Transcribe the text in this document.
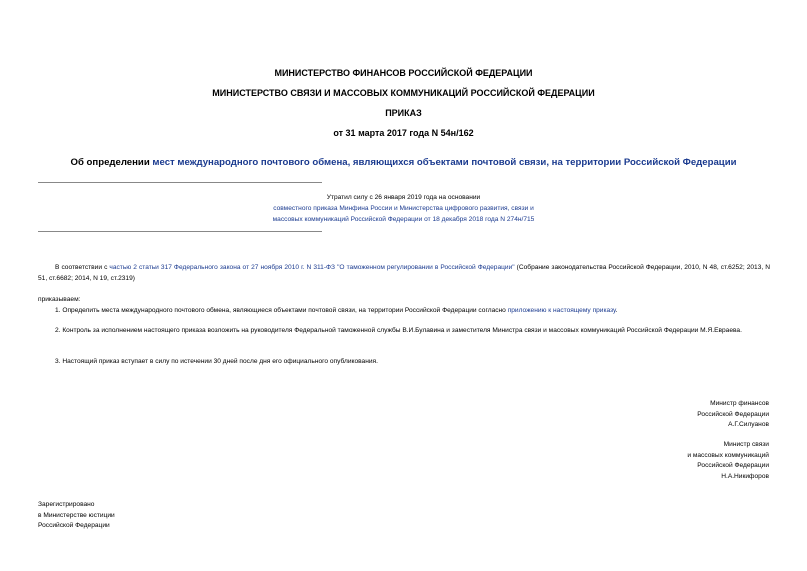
МИНИСТЕРСТВО ФИНАНСОВ РОССИЙСКОЙ ФЕДЕРАЦИИ
МИНИСТЕРСТВО СВЯЗИ И МАССОВЫХ КОММУНИКАЦИЙ РОССИЙСКОЙ ФЕДЕРАЦИИ
ПРИКАЗ
от 31 марта 2017 года N 54н/162
Об определении мест международного почтового обмена, являющихся объектами почтовой связи, на территории Российской Федерации
Утратил силу с 26 января 2019 года на основании
совместного приказа Минфина России и Министерства цифрового развития, связи и
массовых коммуникаций Российской Федерации от 18 декабря 2018 года N 274н/715
В соответствии с частью 2 статьи 317 Федерального закона от 27 ноября 2010 г. N 311-ФЗ "О таможенном регулировании в Российской Федерации" (Собрание законодательства Российской Федерации, 2010, N 48, ст.6252; 2013, N 51, ст.6682; 2014, N 19, ст.2319)
приказываем:
1. Определить места международного почтового обмена, являющиеся объектами почтовой связи, на территории Российской Федерации согласно приложению к настоящему приказу.
2. Контроль за исполнением настоящего приказа возложить на руководителя Федеральной таможенной службы В.И.Булавина и заместителя Министра связи и массовых коммуникаций Российской Федерации М.Я.Евраева.
3. Настоящий приказ вступает в силу по истечении 30 дней после дня его официального опубликования.
Министр финансов
Российской Федерации
А.Г.Силуанов
Министр связи
и массовых коммуникаций
Российской Федерации
Н.А.Никифоров
Зарегистрировано
в Министерстве юстиции
Российской Федерации
